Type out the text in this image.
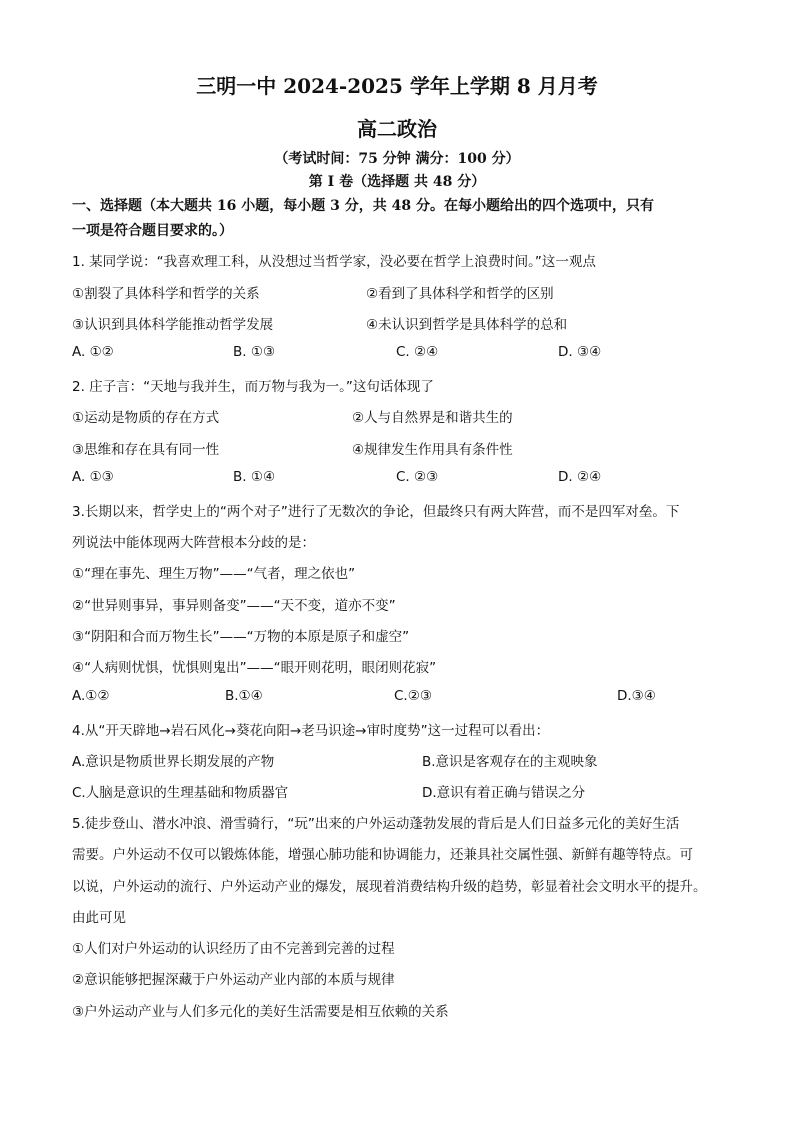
三明一中 2024-2025 学年上学期 8 月月考
高二政治
（考试时间：75 分钟 满分：100 分）
第 I 卷（选择题 共 48 分）
一、选择题（本大题共 16 小题，每小题 3 分，共 48 分。在每小题给出的四个选项中，只有
一项是符合题目要求的。）
1. 某同学说：“我喜欢理工科，从没想过当哲学家，没必要在哲学上浪费时间。”这一观点
①割裂了具体科学和哲学的关系	②看到了具体科学和哲学的区别
③认识到具体科学能推动哲学发展	④未认识到哲学是具体科学的总和
A. ①②	B. ①③	C. ②④	D. ③④
2. 庄子言：“天地与我并生，而万物与我为一。”这句话体现了
①运动是物质的存在方式	②人与自然界是和谐共生的
③思维和存在具有同一性	④规律发生作用具有条件性
A. ①③	B. ①④	C. ②③	D. ②④
3.长期以来，哲学史上的“两个对子”进行了无数次的争论，但最终只有两大阵营，而不是四军对垒。下
列说法中能体现两大阵营根本分歧的是：
①“理在事先、理生万物”——“气者，理之依也”
②“世异则事异，事异则备变”——“天不变，道亦不变”
③“阴阳和合而万物生长”——“万物的本原是原子和虚空”
④“人病则忧惧，忧惧则鬼出”——“眼开则花明，眼闭则花寂”
A.①②	B.①④	C.②③	D.③④
4.从“开天辟地→岩石风化→葵花向阳→老马识途→审时度势”这一过程可以看出：
A.意识是物质世界长期发展的产物	B.意识是客观存在的主观映象
C.人脑是意识的生理基础和物质器官	D.意识有着正确与错误之分
5.徒步登山、潜水冲浪、滑雪骑行，“玩”出来的户外运动蓬勃发展的背后是人们日益多元化的美好生活
需要。户外运动不仅可以锻炼体能，增强心肺功能和协调能力，还兼具社交属性强、新鲜有趣等特点。可
以说，户外运动的流行、户外运动产业的爆发，展现着消费结构升级的趋势，彰显着社会文明水平的提升。
由此可见
①人们对户外运动的认识经历了由不完善到完善的过程
②意识能够把握深藏于户外运动产业内部的本质与规律
③户外运动产业与人们多元化的美好生活需要是相互依赖的关系
